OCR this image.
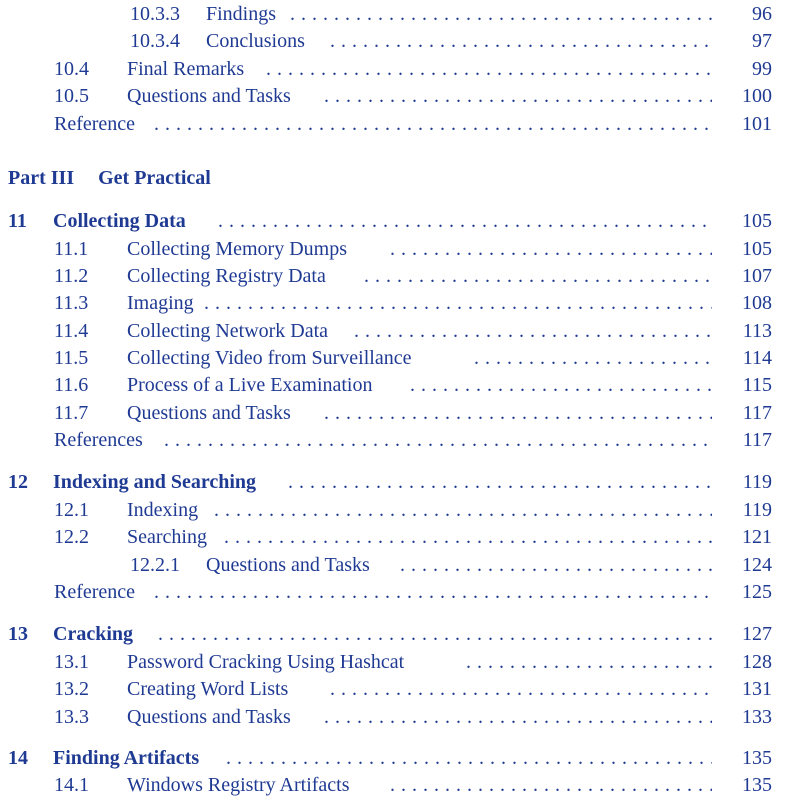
10.3.3 Findings . . .	96
10.3.4 Conclusions . . .	97
10.4 Final Remarks . . .	99
10.5 Questions and Tasks . . .	100
Reference . . .	101
Part III Get Practical
11 Collecting Data . . .	105
11.1 Collecting Memory Dumps . . .	105
11.2 Collecting Registry Data . . .	107
11.3 Imaging . . .	108
11.4 Collecting Network Data . . .	113
11.5 Collecting Video from Surveillance . . .	114
11.6 Process of a Live Examination . . .	115
11.7 Questions and Tasks . . .	117
References . . .	117
12 Indexing and Searching . . .	119
12.1 Indexing . . .	119
12.2 Searching . . .	121
12.2.1 Questions and Tasks . . .	124
Reference . . .	125
13 Cracking . . .	127
13.1 Password Cracking Using Hashcat . . .	128
13.2 Creating Word Lists . . .	131
13.3 Questions and Tasks . . .	133
14 Finding Artifacts . . .	135
14.1 Windows Registry Artifacts . . .	135
